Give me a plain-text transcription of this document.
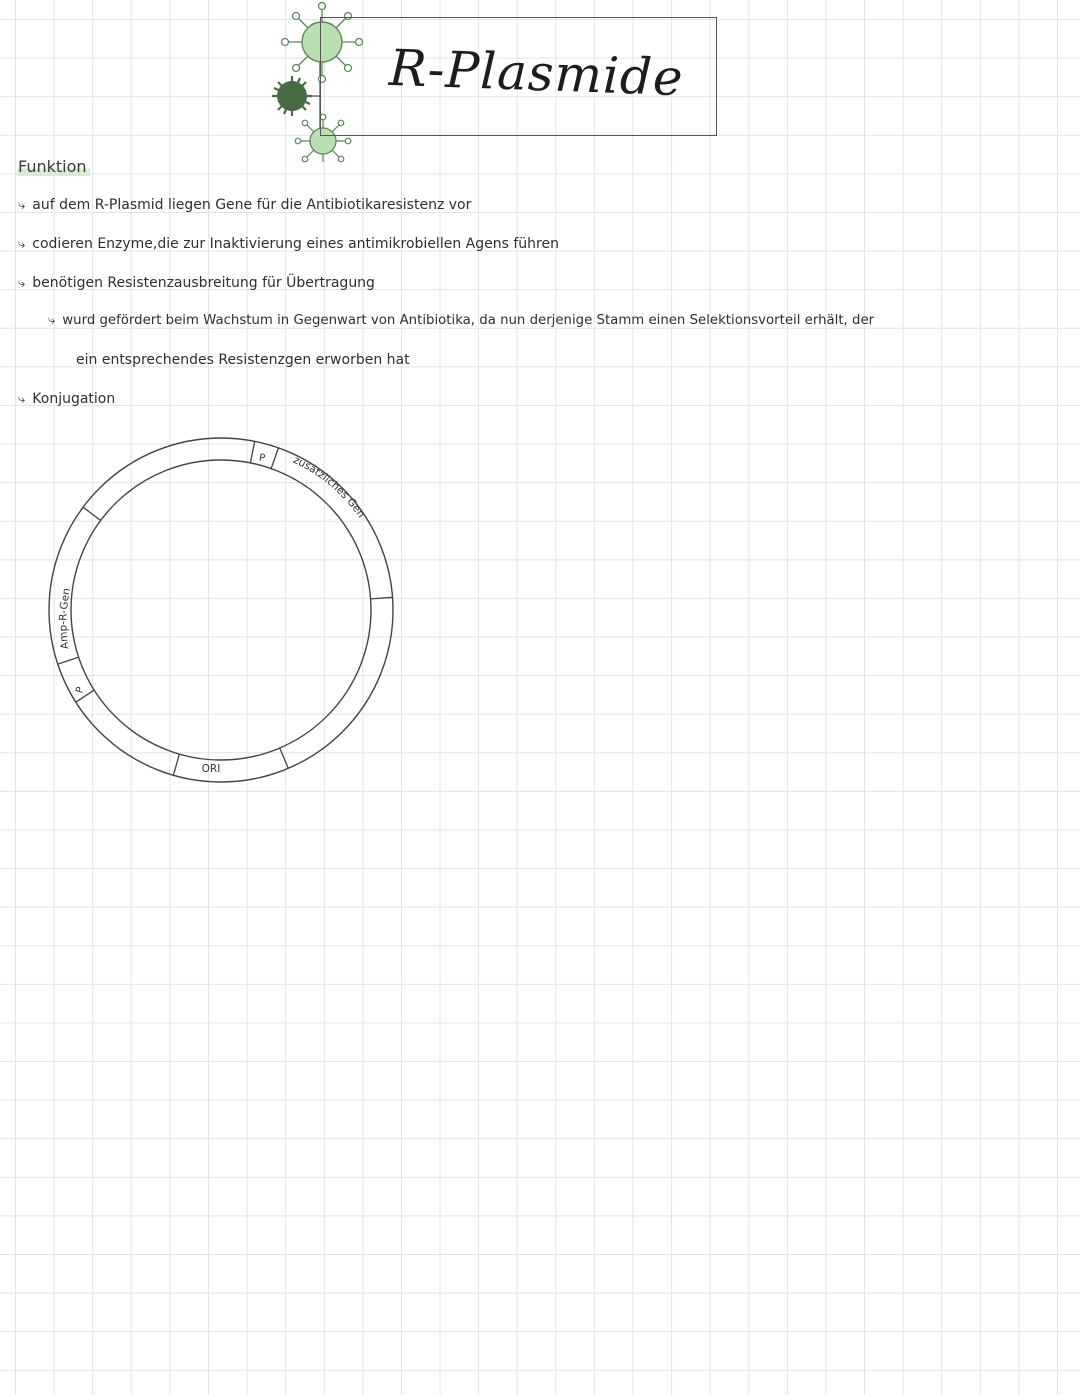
R-Plasmide
Funktion
⤷ auf dem R-Plasmid liegen Gene für die Antibiotikaresistenz vor
⤷ codieren Enzyme,die zur Inaktivierung eines antimikrobiellen Agens führen
⤷ benötigen Resistenzausbreitung für Übertragung
⤷ wurd gefördert beim Wachstum in Gegenwart von Antibiotika, da nun derjenige Stamm einen Selektionsvorteil erhält, der
ein entsprechendes Resistenzgen erworben hat
⤷ Konjugation
P
P
zusätzliches Gen
Amp-R-Gen
ORI
